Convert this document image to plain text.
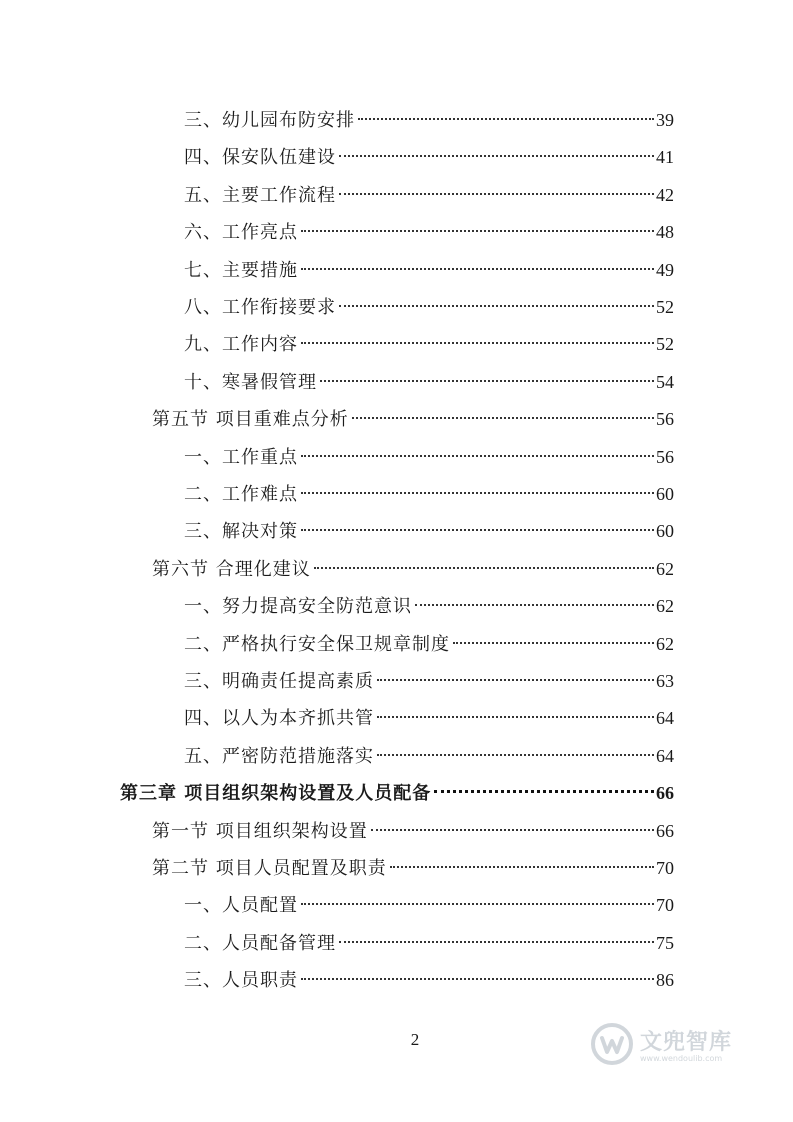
三、幼儿园布防安排	39
四、保安队伍建设	41
五、主要工作流程	42
六、工作亮点	48
七、主要措施	49
八、工作衔接要求	52
九、工作内容	52
十、寒暑假管理	54
第五节 项目重难点分析	56
一、工作重点	56
二、工作难点	60
三、解决对策	60
第六节 合理化建议	62
一、努力提高安全防范意识	62
二、严格执行安全保卫规章制度	62
三、明确责任提高素质	63
四、以人为本齐抓共管	64
五、严密防范措施落实	64
第三章 项目组织架构设置及人员配备	66
第一节 项目组织架构设置	66
第二节 项目人员配置及职责	70
一、人员配置	70
二、人员配备管理	75
三、人员职责	86
2	文兜智库
www.wendoulib.com
